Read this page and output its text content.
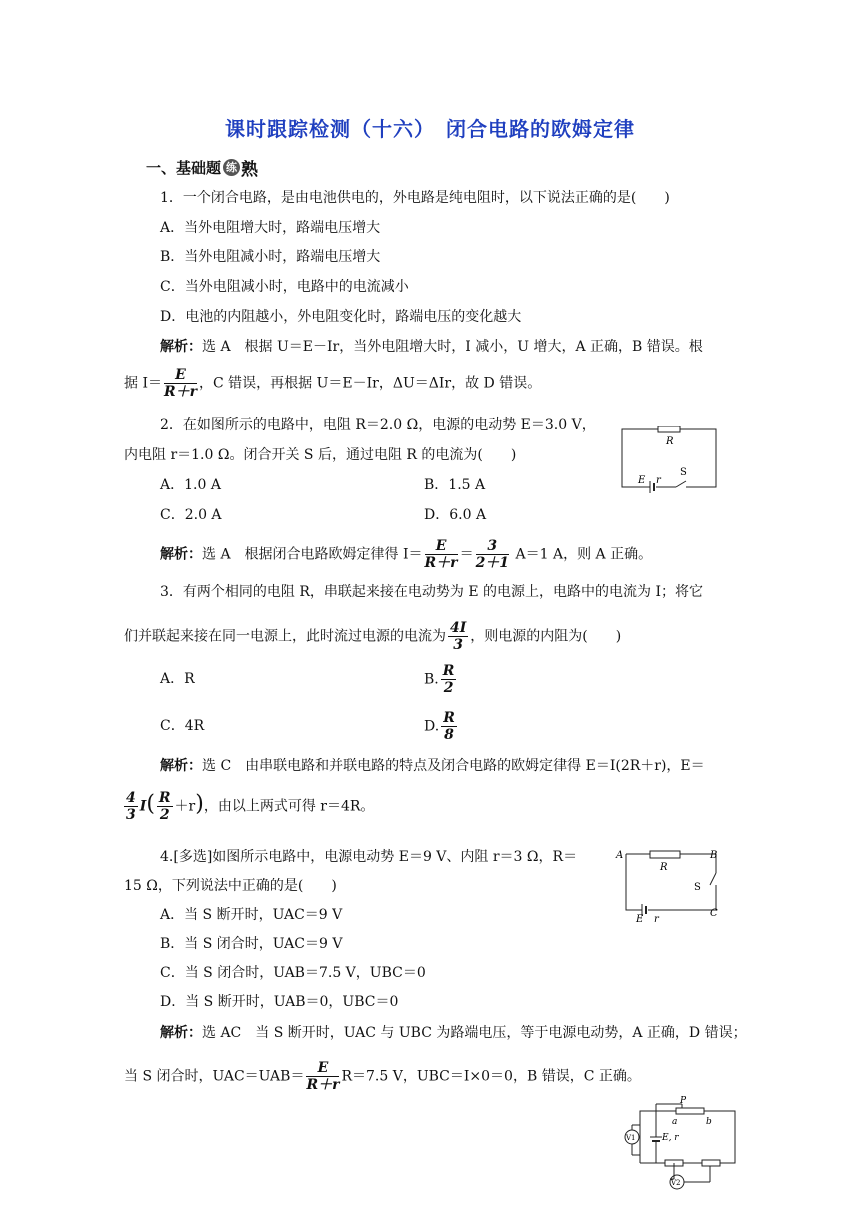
课时跟踪检测（十六）　闭合电路的欧姆定律
一、基础题 练 熟
1．一个闭合电路，是由电池供电的，外电路是纯电阻时，以下说法正确的是(　　)
A．当外电阻增大时，路端电压增大
B．当外电阻减小时，路端电压增大
C．当外电阻减小时，电路中的电流减小
D．电池的内阻越小，外电阻变化时，路端电压的变化越大
解析：选 A　根据 U＝E－Ir，当外电阻增大时，I 减小，U 增大，A 正确，B 错误。根
据 $I= \frac{E}{R+r}$ ，C 错误，再根据 U＝E－Ir，ΔU＝ΔIr，故 D 错误。
2．在如图所示的电路中，电阻 R＝2.0 Ω，电源的电动势 E＝3.0 V，
内电阻 r＝1.0 Ω。闭合开关 S 后，通过电阻 R 的电流为(　　)
A．1.0 A	B．1.5 A
C．2.0 A	D．6.0 A
解析：选 A　根据闭合电路欧姆定律得 $I= \frac{E}{R+r} = \frac{3}{2+1} A=1$ A，则 A 正确。
R
E r
S
3．有两个相同的电阻 R，串联起来接在电动势为 E 的电源上，电路中的电流为 I；将它
们并联起来接在同一电源上，此时流过电源的电流为 $\frac{4I}{3}$ ，则电源的内阻为(　　)
A．R	B. $\frac{R}{2}$
C．4R	D. $\frac{R}{8}$
解析：选 C　由串联电路和并联电路的特点及闭合电路的欧姆定律得 E＝I(2R＋r)，E＝
$\frac{4}{3} I( \frac{R}{2} +r)$，由以上两式可得 r＝4R。
4.[多选]如图所示电路中，电源电动势 E＝9 V、内阻 r＝3 Ω，R＝
15 Ω，下列说法中正确的是(　　)
A．当 S 断开时，UAC＝9 V
B．当 S 闭合时，UAC＝9 V
C．当 S 闭合时，UAB＝7.5 V，UBC＝0
D．当 S 断开时，UAB＝0，UBC＝0
解析：选 AC　当 S 断开时，UAC 与 UBC 为路端电压，等于电源电动势，A 正确，D 错误；
当 S 闭合时，$UAC=UAB= \frac{E}{R+r} R=7.5$ V，UBC＝I×0＝0，B 错误，C 正确。
A	B
C
R
S
E r
P
a	b
E, r
V1
V2
